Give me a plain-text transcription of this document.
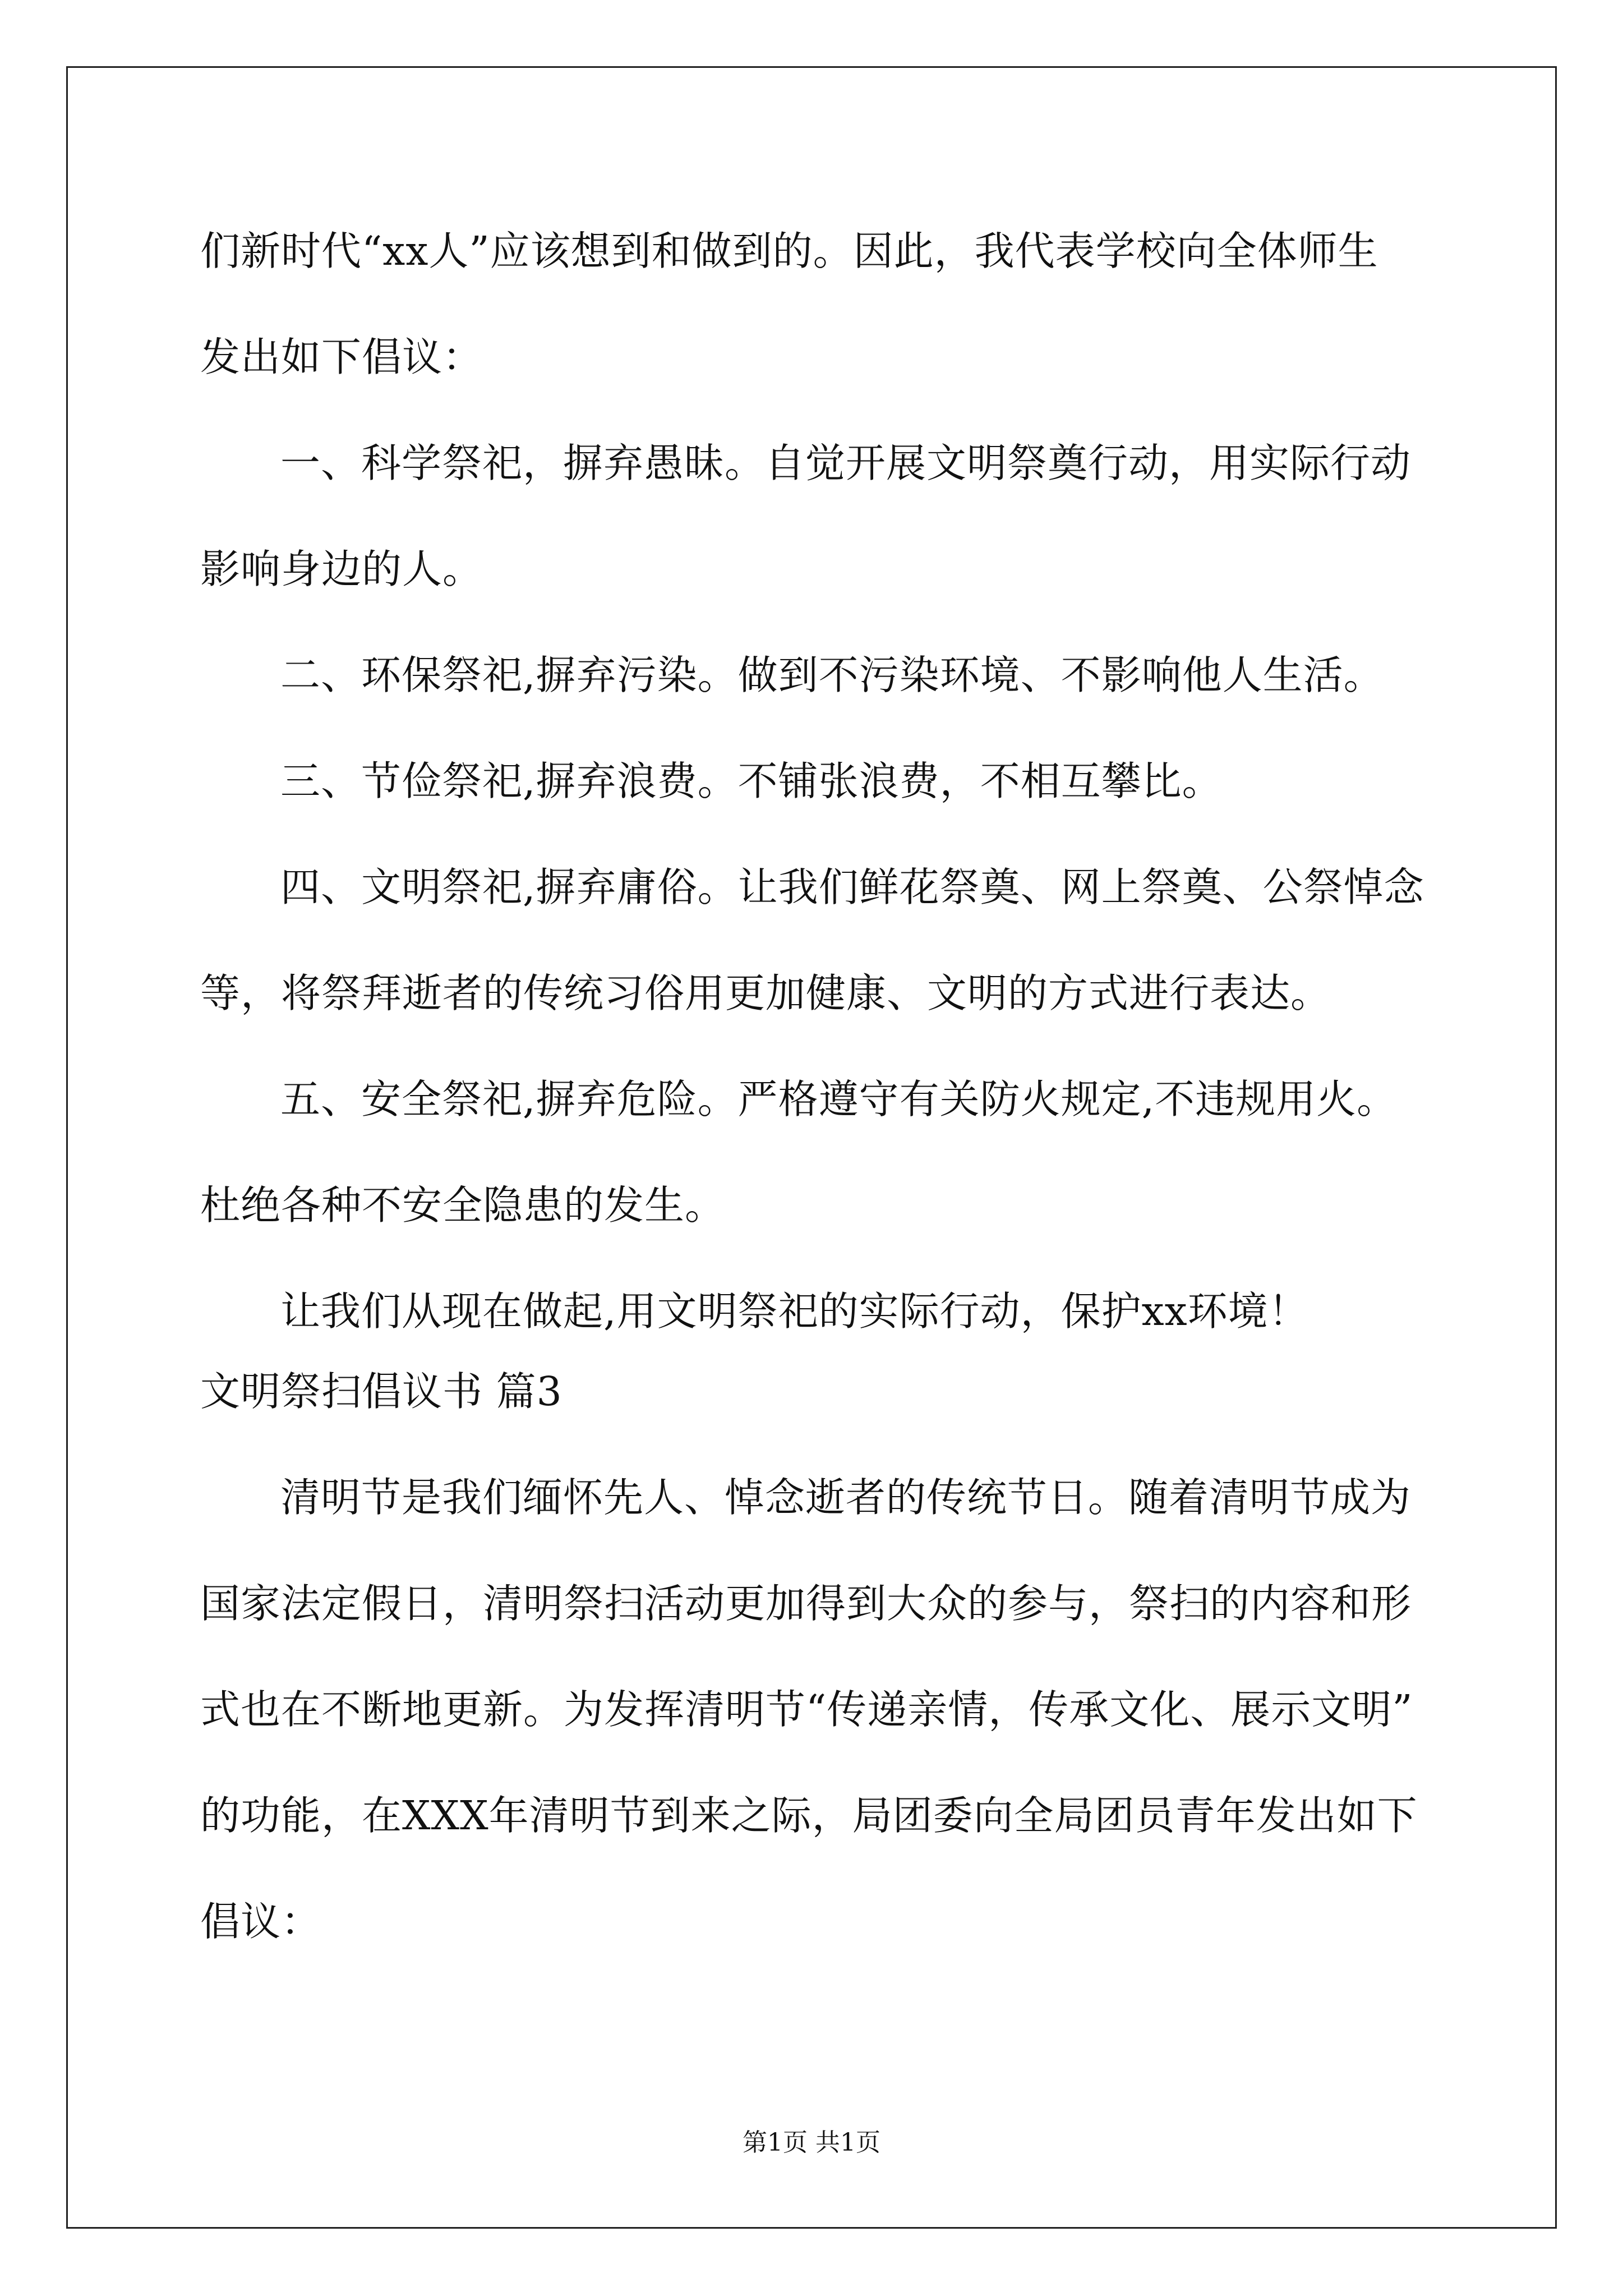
们新时代“xx人”应该想到和做到的。因此，我代表学校向全体师生

发出如下倡议：

一、科学祭祀，摒弃愚昧。自觉开展文明祭奠行动，用实际行动

影响身边的人。

二、环保祭祀,摒弃污染。做到不污染环境、不影响他人生活。

三、节俭祭祀,摒弃浪费。不铺张浪费，不相互攀比。

四、文明祭祀,摒弃庸俗。让我们鲜花祭奠、网上祭奠、公祭悼念

等，将祭拜逝者的传统习俗用更加健康、文明的方式进行表达。

五、安全祭祀,摒弃危险。严格遵守有关防火规定,不违规用火。

杜绝各种不安全隐患的发生。

让我们从现在做起,用文明祭祀的实际行动，保护xx环境！

文明祭扫倡议书 篇3

清明节是我们缅怀先人、悼念逝者的传统节日。随着清明节成为

国家法定假日，清明祭扫活动更加得到大众的参与，祭扫的内容和形

式也在不断地更新。为发挥清明节“传递亲情，传承文化、展示文明”

的功能，在XXX年清明节到来之际，局团委向全局团员青年发出如下

倡议：

第1页 共1页
